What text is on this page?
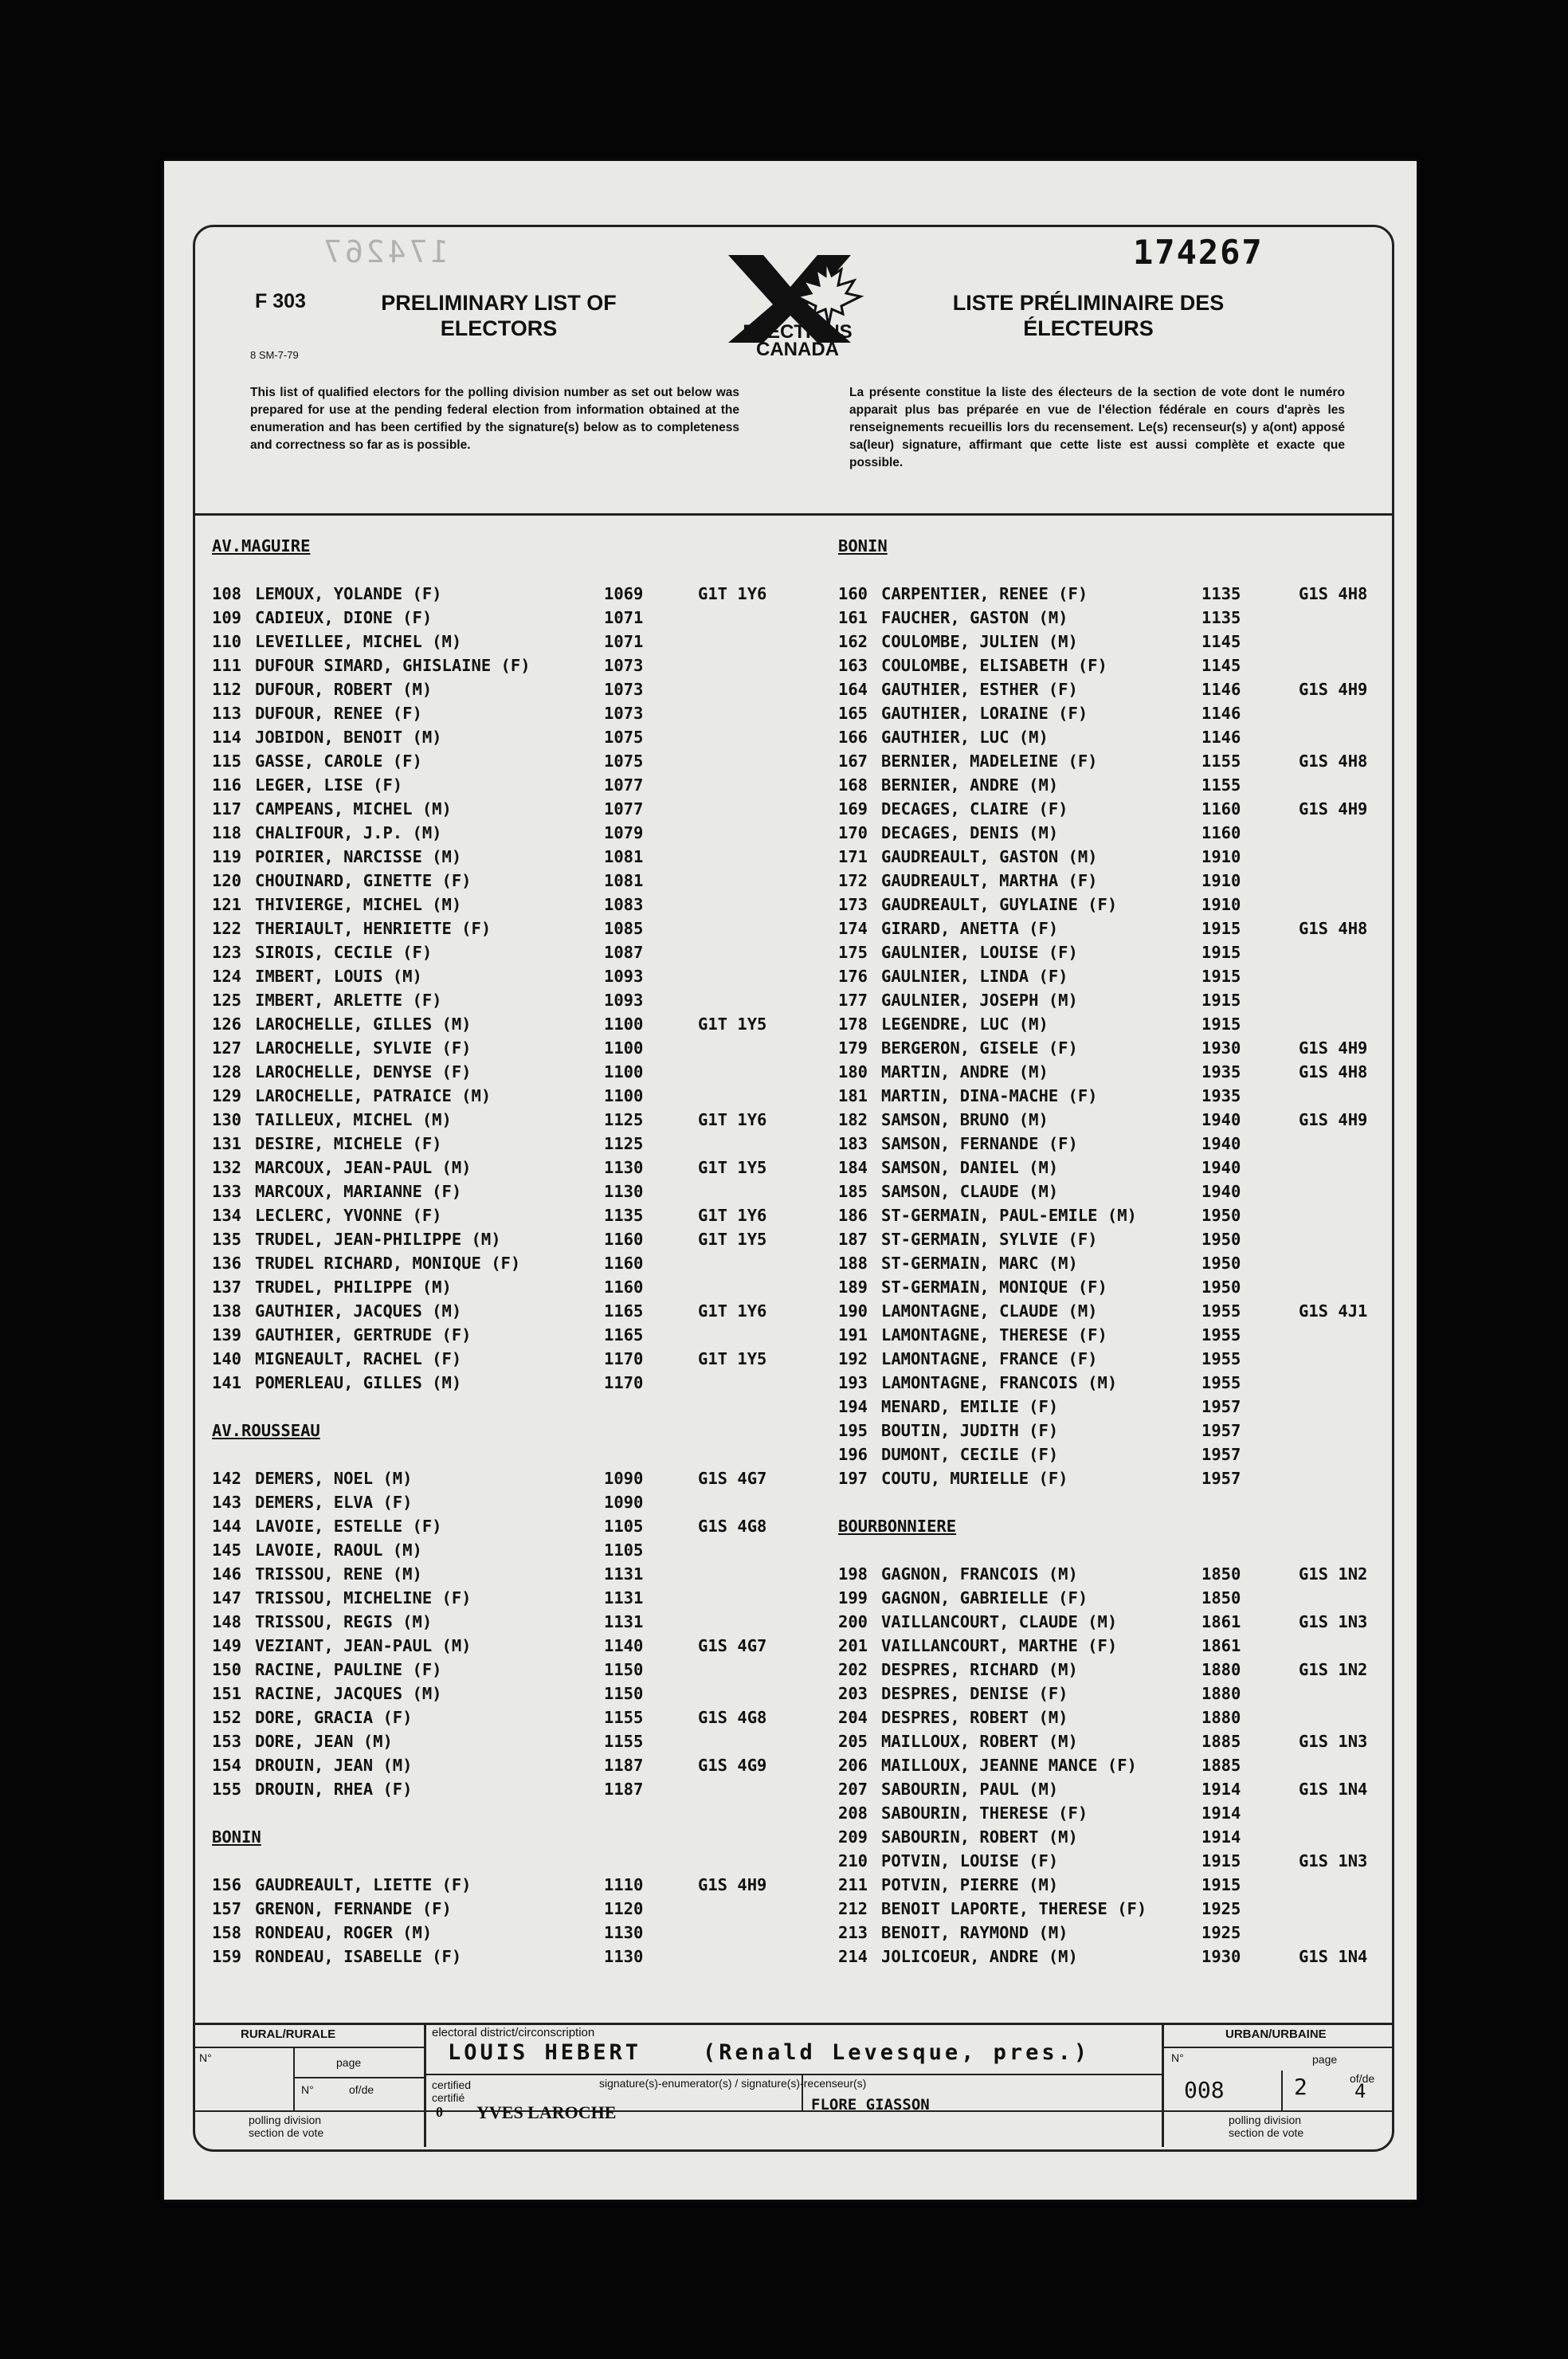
174267	174267
F 303
8 SM-7-79
PRELIMINARY LIST OF ELECTORS
LISTE PRÉLIMINAIRE DES ÉLECTEURS
ELECTIONS
CANADA
This list of qualified electors for the polling division number as set out below was prepared for use at the pending federal election from information obtained at the enumeration and has been certified by the signature(s) below as to completeness and correctness so far as is possible.
La présente constitue la liste des électeurs de la section de vote dont le numéro apparait plus bas préparée en vue de l'élection fédérale en cours d'après les renseignements recueillis lors du recensement. Le(s) recenseur(s) y a(ont) apposé sa(leur) signature, affirmant que cette liste est aussi complète et exacte que possible.
AV.MAGUIRE
108 LEMOUX, YOLANDE (F)	1069	G1T 1Y6
109 CADIEUX, DIONE (F)	1071
110 LEVEILLEE, MICHEL (M)	1071
111 DUFOUR SIMARD, GHISLAINE (F)	1073
112 DUFOUR, ROBERT (M)	1073
113 DUFOUR, RENEE (F)	1073
114 JOBIDON, BENOIT (M)	1075
115 GASSE, CAROLE (F)	1075
116 LEGER, LISE (F)	1077
117 CAMPEANS, MICHEL (M)	1077
118 CHALIFOUR, J.P. (M)	1079
119 POIRIER, NARCISSE (M)	1081
120 CHOUINARD, GINETTE (F)	1081
121 THIVIERGE, MICHEL (M)	1083
122 THERIAULT, HENRIETTE (F)	1085
123 SIROIS, CECILE (F)	1087
124 IMBERT, LOUIS (M)	1093
125 IMBERT, ARLETTE (F)	1093
126 LAROCHELLE, GILLES (M)	1100	G1T 1Y5
127 LAROCHELLE, SYLVIE (F)	1100
128 LAROCHELLE, DENYSE (F)	1100
129 LAROCHELLE, PATRAICE (M)	1100
130 TAILLEUX, MICHEL (M)	1125	G1T 1Y6
131 DESIRE, MICHELE (F)	1125
132 MARCOUX, JEAN-PAUL (M)	1130	G1T 1Y5
133 MARCOUX, MARIANNE (F)	1130
134 LECLERC, YVONNE (F)	1135	G1T 1Y6
135 TRUDEL, JEAN-PHILIPPE (M)	1160	G1T 1Y5
136 TRUDEL RICHARD, MONIQUE (F)	1160
137 TRUDEL, PHILIPPE (M)	1160
138 GAUTHIER, JACQUES (M)	1165	G1T 1Y6
139 GAUTHIER, GERTRUDE (F)	1165
140 MIGNEAULT, RACHEL (F)	1170	G1T 1Y5
141 POMERLEAU, GILLES (M)	1170
AV.ROUSSEAU
142 DEMERS, NOEL (M)	1090	G1S 4G7
143 DEMERS, ELVA (F)	1090
144 LAVOIE, ESTELLE (F)	1105	G1S 4G8
145 LAVOIE, RAOUL (M)	1105
146 TRISSOU, RENE (M)	1131
147 TRISSOU, MICHELINE (F)	1131
148 TRISSOU, REGIS (M)	1131
149 VEZIANT, JEAN-PAUL (M)	1140	G1S 4G7
150 RACINE, PAULINE (F)	1150
151 RACINE, JACQUES (M)	1150
152 DORE, GRACIA (F)	1155	G1S 4G8
153 DORE, JEAN (M)	1155
154 DROUIN, JEAN (M)	1187	G1S 4G9
155 DROUIN, RHEA (F)	1187
BONIN
156 GAUDREAULT, LIETTE (F)	1110	G1S 4H9
157 GRENON, FERNANDE (F)	1120
158 RONDEAU, ROGER (M)	1130
159 RONDEAU, ISABELLE (F)	1130
BONIN
160 CARPENTIER, RENEE (F)	1135	G1S 4H8
161 FAUCHER, GASTON (M)	1135
162 COULOMBE, JULIEN (M)	1145
163 COULOMBE, ELISABETH (F)	1145
164 GAUTHIER, ESTHER (F)	1146	G1S 4H9
165 GAUTHIER, LORAINE (F)	1146
166 GAUTHIER, LUC (M)	1146
167 BERNIER, MADELEINE (F)	1155	G1S 4H8
168 BERNIER, ANDRE (M)	1155
169 DECAGES, CLAIRE (F)	1160	G1S 4H9
170 DECAGES, DENIS (M)	1160
171 GAUDREAULT, GASTON (M)	1910
172 GAUDREAULT, MARTHA (F)	1910
173 GAUDREAULT, GUYLAINE (F)	1910
174 GIRARD, ANETTA (F)	1915	G1S 4H8
175 GAULNIER, LOUISE (F)	1915
176 GAULNIER, LINDA (F)	1915
177 GAULNIER, JOSEPH (M)	1915
178 LEGENDRE, LUC (M)	1915
179 BERGERON, GISELE (F)	1930	G1S 4H9
180 MARTIN, ANDRE (M)	1935	G1S 4H8
181 MARTIN, DINA-MACHE (F)	1935
182 SAMSON, BRUNO (M)	1940	G1S 4H9
183 SAMSON, FERNANDE (F)	1940
184 SAMSON, DANIEL (M)	1940
185 SAMSON, CLAUDE (M)	1940
186 ST-GERMAIN, PAUL-EMILE (M)	1950
187 ST-GERMAIN, SYLVIE (F)	1950
188 ST-GERMAIN, MARC (M)	1950
189 ST-GERMAIN, MONIQUE (F)	1950
190 LAMONTAGNE, CLAUDE (M)	1955	G1S 4J1
191 LAMONTAGNE, THERESE (F)	1955
192 LAMONTAGNE, FRANCE (F)	1955
193 LAMONTAGNE, FRANCOIS (M)	1955
194 MENARD, EMILIE (F)	1957
195 BOUTIN, JUDITH (F)	1957
196 DUMONT, CECILE (F)	1957
197 COUTU, MURIELLE (F)	1957
BOURBONNIERE
198 GAGNON, FRANCOIS (M)	1850	G1S 1N2
199 GAGNON, GABRIELLE (F)	1850
200 VAILLANCOURT, CLAUDE (M)	1861	G1S 1N3
201 VAILLANCOURT, MARTHE (F)	1861
202 DESPRES, RICHARD (M)	1880	G1S 1N2
203 DESPRES, DENISE (F)	1880
204 DESPRES, ROBERT (M)	1880
205 MAILLOUX, ROBERT (M)	1885	G1S 1N3
206 MAILLOUX, JEANNE MANCE (F)	1885
207 SABOURIN, PAUL (M)	1914	G1S 1N4
208 SABOURIN, THERESE (F)	1914
209 SABOURIN, ROBERT (M)	1914
210 POTVIN, LOUISE (F)	1915	G1S 1N3
211 POTVIN, PIERRE (M)	1915
212 BENOIT LAPORTE, THERESE (F)	1925
213 BENOIT, RAYMOND (M)	1925
214 JOLICOEUR, ANDRE (M)	1930	G1S 1N4
RURAL/RURALE
N°	page
N°	of/de
polling division
section de vote
electoral district/circonscription
LOUIS HEBERT	(Renald Levesque, pres.)
certified
certifié
signature(s)-enumerator(s) / signature(s)-recenseur(s)
0 YVES LAROCHE	FLORE GIASSON
URBAN/URBAINE
N°	page
of/de
008	2 4
polling division
section de vote
